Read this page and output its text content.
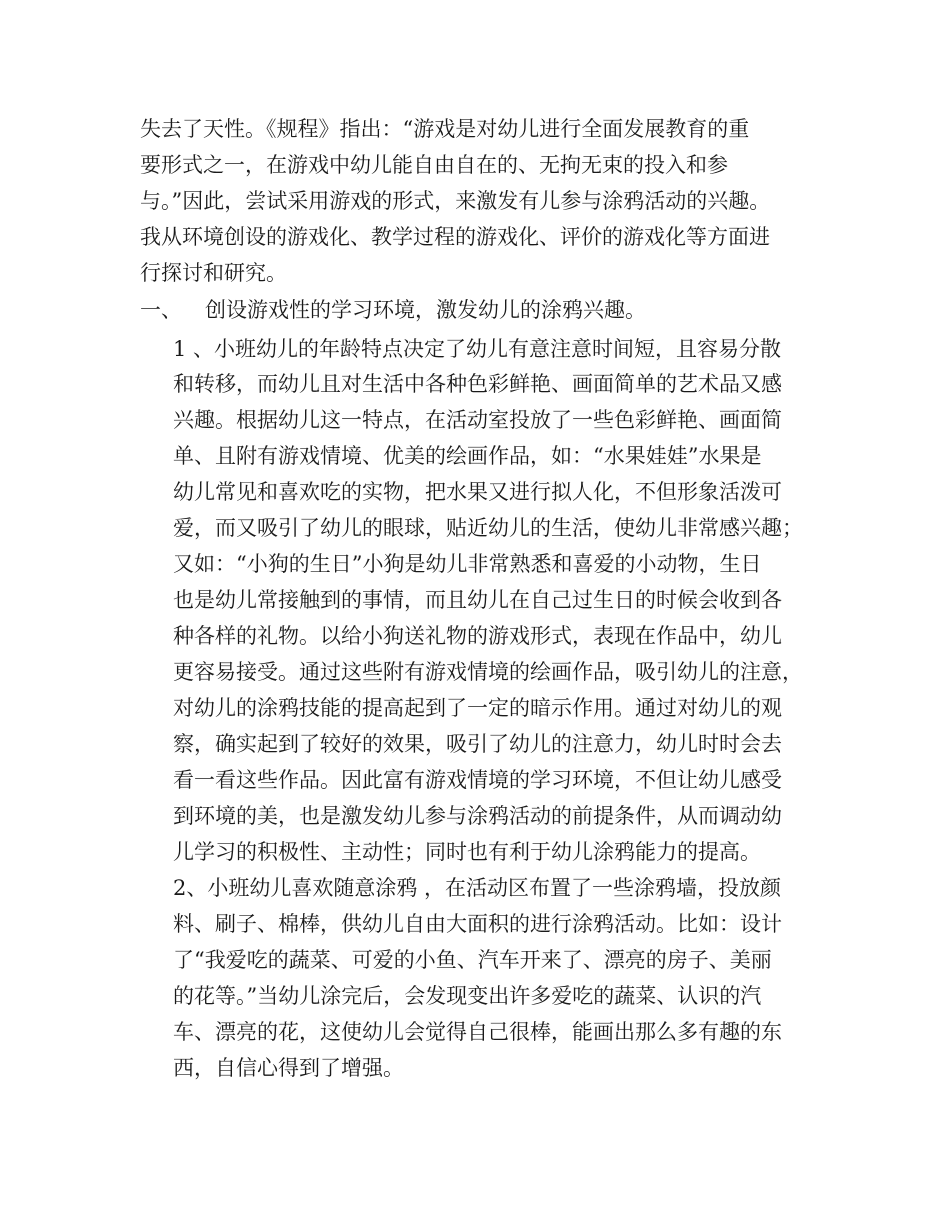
失去了天性。《规程》指出：“游戏是对幼儿进行全面发展教育的重
要形式之一，在游戏中幼儿能自由自在的、无拘无束的投入和参
与。”因此，尝试采用游戏的形式，来激发有儿参与涂鸦活动的兴趣。
我从环境创设的游戏化、教学过程的游戏化、评价的游戏化等方面进
行探讨和研究。
一、 创设游戏性的学习环境，激发幼儿的涂鸦兴趣。
1 、小班幼儿的年龄特点决定了幼儿有意注意时间短，且容易分散
和转移，而幼儿且对生活中各种色彩鲜艳、画面简单的艺术品又感
兴趣。根据幼儿这一特点，在活动室投放了一些色彩鲜艳、画面简
单、且附有游戏情境、优美的绘画作品，如：“水果娃娃”水果是
幼儿常见和喜欢吃的实物，把水果又进行拟人化，不但形象活泼可
爱，而又吸引了幼儿的眼球，贴近幼儿的生活，使幼儿非常感兴趣；
又如：“小狗的生日”小狗是幼儿非常熟悉和喜爱的小动物，生日
也是幼儿常接触到的事情，而且幼儿在自己过生日的时候会收到各
种各样的礼物。以给小狗送礼物的游戏形式，表现在作品中，幼儿
更容易接受。通过这些附有游戏情境的绘画作品，吸引幼儿的注意，
对幼儿的涂鸦技能的提高起到了一定的暗示作用。通过对幼儿的观
察，确实起到了较好的效果，吸引了幼儿的注意力，幼儿时时会去
看一看这些作品。因此富有游戏情境的学习环境，不但让幼儿感受
到环境的美，也是激发幼儿参与涂鸦活动的前提条件，从而调动幼
儿学习的积极性、主动性；同时也有利于幼儿涂鸦能力的提高。
2、小班幼儿喜欢随意涂鸦 ，在活动区布置了一些涂鸦墙，投放颜
料、刷子、棉棒，供幼儿自由大面积的进行涂鸦活动。比如：设计
了“我爱吃的蔬菜、可爱的小鱼、汽车开来了、漂亮的房子、美丽
的花等。”当幼儿涂完后，会发现变出许多爱吃的蔬菜、认识的汽
车、漂亮的花，这使幼儿会觉得自己很棒，能画出那么多有趣的东
西，自信心得到了增强。
